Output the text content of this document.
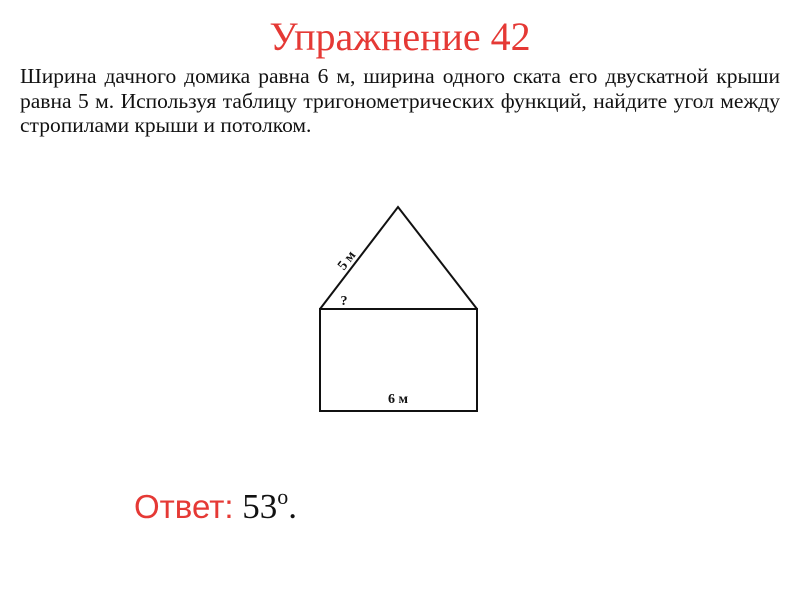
Упражнение 42
Ширина дачного домика равна 6 м, ширина одного ската его двускатной крыши равна 5 м. Используя таблицу тригонометрических функций, найдите угол между стропилами крыши и потолком.
5 м
?
6 м
Ответ: 53$^o$.
